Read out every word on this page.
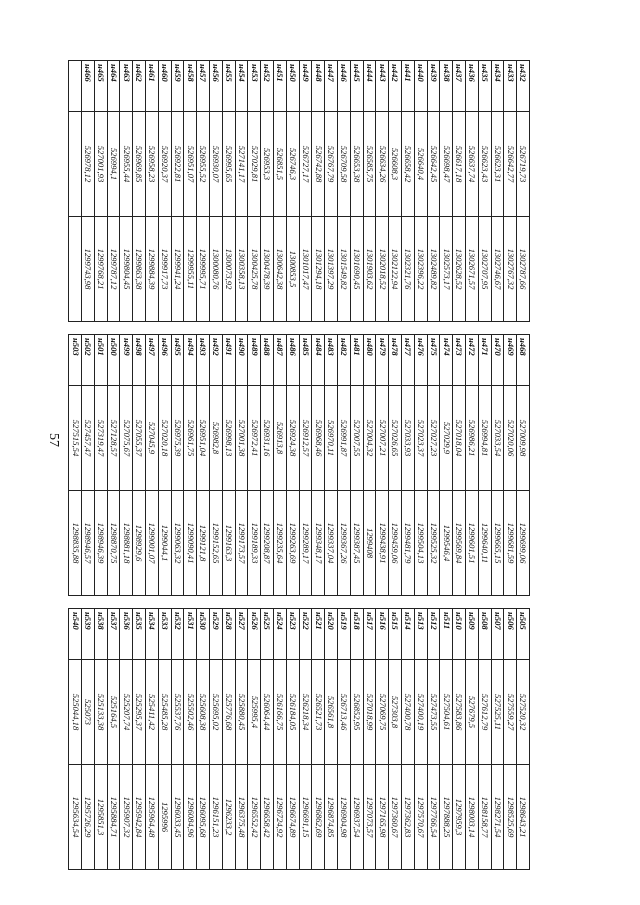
57
н432	526719,73	1302787,66		н468	527009,98	1299699,06		н505	527520,32	1298643,21
н433	526642,77	1302767,32		н469	527020,06	1299681,59		н506	527559,27	1298525,69
н434	526623,31	1302746,67		н470	527033,54	1299665,15		н507	527525,11	1298271,54
н435	526623,43	1302707,95		н471	526994,81	1299640,11		н508	527612,79	1298158,77
н436	526637,74	1302671,57		н472	526986,21	1299601,51		н509	527679,5	1298003,14
н437	526617,18	1302628,52		н473	527018,04	1299569,84		н510	527583,86	1297959,3
н438	526698,47	1302573,17		н474	527029,9	1299546,4		н511	527504,61	1297888,25
н439	526642,45	1302489,82		н475	527027,23	1299525,32		н512	527473,55	1297766,54
н440	526640,4	1302396,22		н476	527023,37	1299504,13		н513	527400,19	1297570,67
н441	526658,42	1302321,76		н477	527033,93	1299481,79		н514	527400,78	1297362,83
н442	526608,3	1302122,94		н478	527026,65	1299459,06		н515	527303,8	1297360,67
н443	526634,26	1302018,52		н479	527007,21	1299438,91		н516	527069,75	1297165,98
н444	526585,75	1301903,62		н480	527004,32	1299408		н517	527018,99	1297073,57
н445	526653,38	1301690,45		н481	527007,55	1299387,45		н518	526852,95	1296937,54
н446	526709,58	1301549,82		н482	526991,87	1299367,26		н519	526713,46	1296904,98
н447	526767,79	1301397,29		н483	526970,11	1299337,04		н520	526561,8	1296874,85
н448	526742,88	1301294,18		н484	526968,46	1299348,17		н521	526521,73	1296862,69
н449	526727,17	1301017,47		н485	526912,57	1299289,17		н522	526218,34	1296691,15
н450	526746,3	1300853,5		н486	526924,38	1299263,69		н523	526184,05	1296674,89
н451	526851,5	1300642,38		н487	526913,8	1299235,64		н524	526166,75	1296724,92
н452	526953,3	1300478,39		н488	526931,16	1299208,87		н525	526064,44	1296658,42
н453	527029,81	1300425,78		н489	526972,41	1299189,33		н526	525995,4	1296552,42
н454	527141,17	1300358,13		н490	527001,38	1299173,57		н527	525880,45	1296375,48
н455	526995,65	1300073,92		н491	526998,13	1299163,3		н528	525776,68	1296233,2
н456	526930,07	1300080,76		н492	526982,8	1299152,65		н529	525695,02	1296151,23
н457	526955,52	1299995,71		н493	526951,04	1299121,8		н530	525608,38	1296095,68
н458	526951,07	1299955,11		н494	526961,75	1299090,41		н531	525502,46	1296084,96
н459	526922,81	1299941,24		н495	526975,39	1299063,32		н532	525537,76	1296033,45
н460	526920,37	1299917,73		н496	527020,18	1299044,1		н533	525485,28	1295996
н461	526958,23	1299884,39		н497	527045,9	1299001,07		н534	525411,42	1295964,48
н462	526969,85	1299863,38		н498	527055,37	1298929,6		н535	525295,37	1295942,84
н463	526955,44	1299804,45		н499	527075,67	1298881,18		н536	525207,74	1295907,32
н464	526994,1	1299787,12		н500	527128,57	1298870,75		н537	525164,5	1295884,71
н465	527001,93	1299768,21		н501	527319,47	1298946,39		н538	525133,38	1295851,3
н466	526978,12	1299743,98		н502	527457,47	1298946,57		н539	525073	1295726,29
				н503	527515,54	1298835,88		н540	525044,18	1295634,54
